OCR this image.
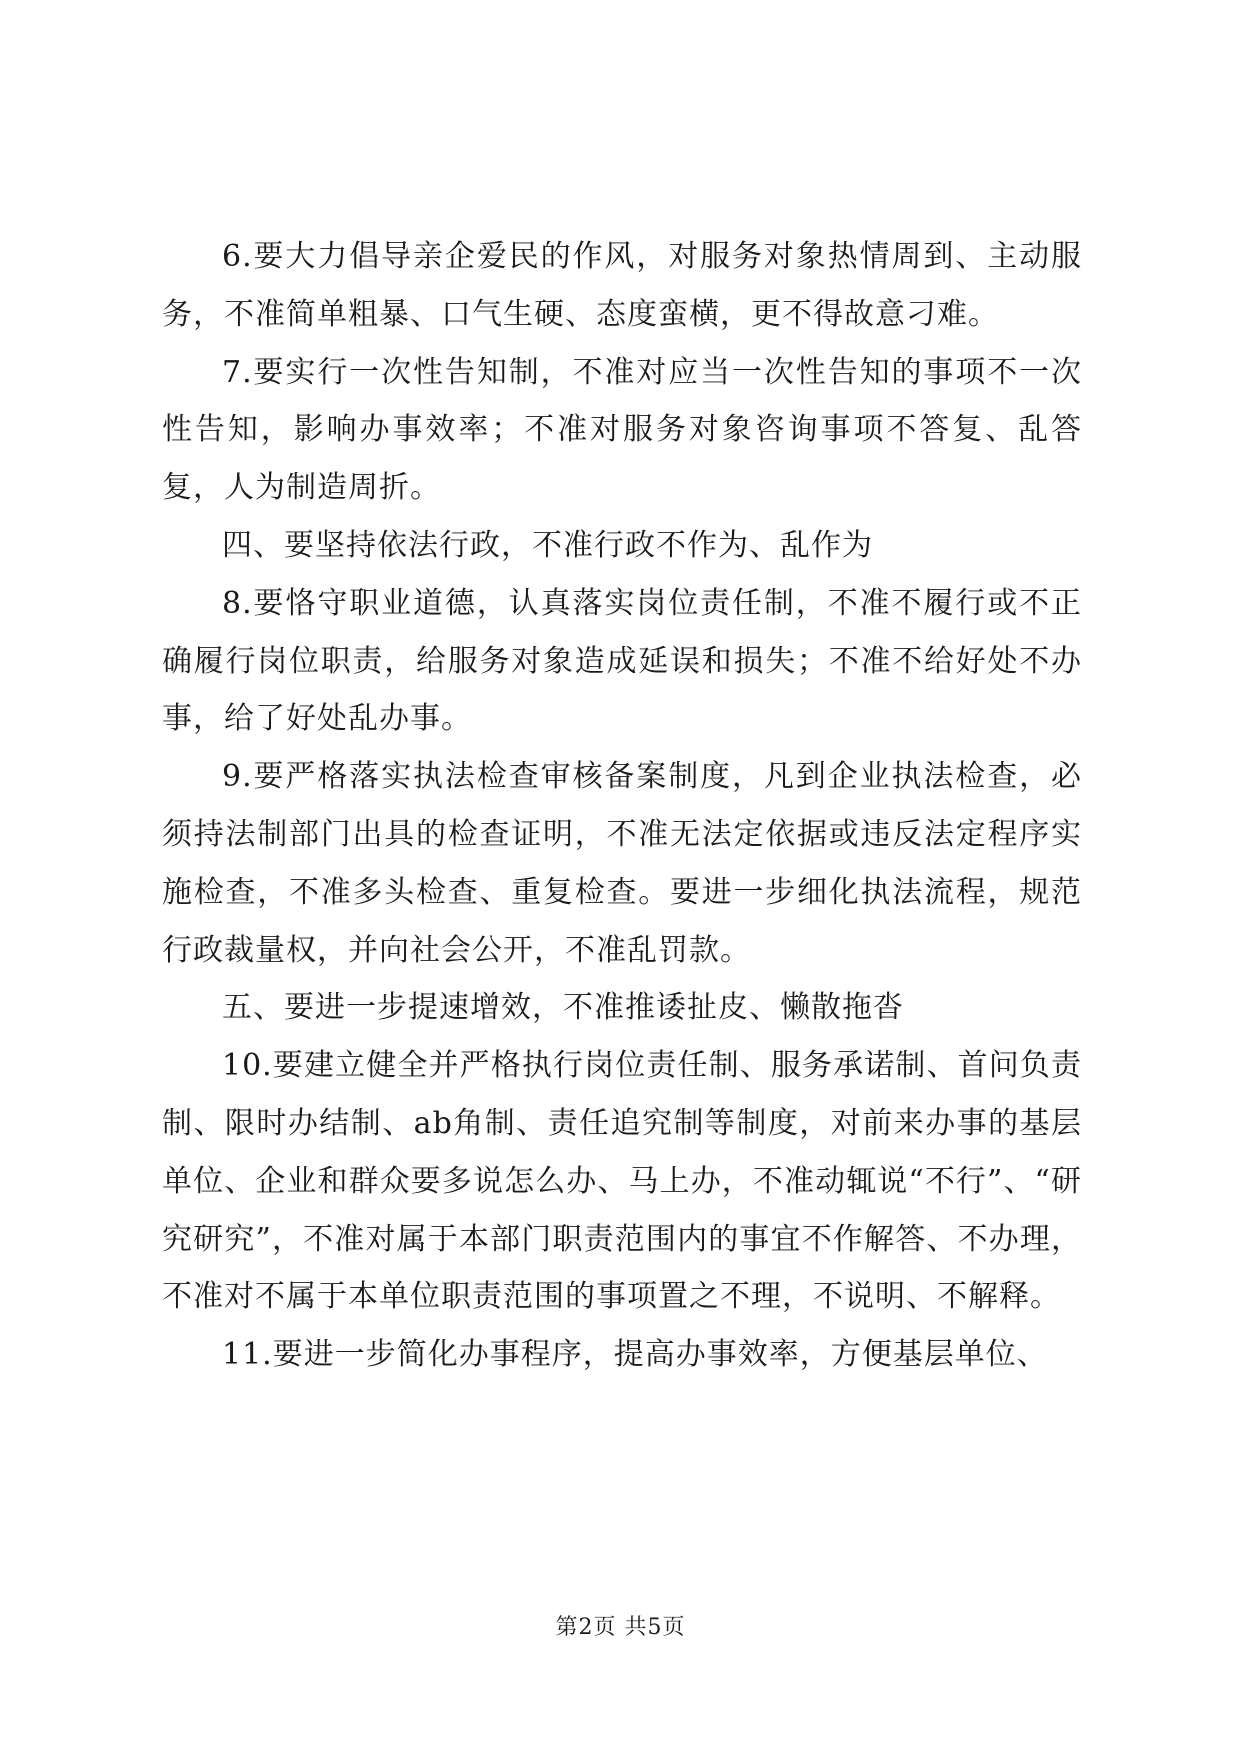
6.要大力倡导亲企爱民的作风，对服务对象热情周到、主动服务，不准简单粗暴、口气生硬、态度蛮横，更不得故意刁难。

7.要实行一次性告知制，不准对应当一次性告知的事项不一次性告知，影响办事效率；不准对服务对象咨询事项不答复、乱答复，人为制造周折。

四、要坚持依法行政，不准行政不作为、乱作为

8.要恪守职业道德，认真落实岗位责任制，不准不履行或不正确履行岗位职责，给服务对象造成延误和损失；不准不给好处不办事，给了好处乱办事。

9.要严格落实执法检查审核备案制度，凡到企业执法检查，必须持法制部门出具的检查证明，不准无法定依据或违反法定程序实施检查，不准多头检查、重复检查。要进一步细化执法流程，规范行政裁量权，并向社会公开，不准乱罚款。

五、要进一步提速增效，不准推诿扯皮、懒散拖沓

10.要建立健全并严格执行岗位责任制、服务承诺制、首问负责制、限时办结制、ab角制、责任追究制等制度，对前来办事的基层单位、企业和群众要多说怎么办、马上办，不准动辄说“不行”、“研究研究”，不准对属于本部门职责范围内的事宜不作解答、不办理，不准对不属于本单位职责范围的事项置之不理，不说明、不解释。

11.要进一步简化办事程序，提高办事效率，方便基层单位、

第2页 共5页
